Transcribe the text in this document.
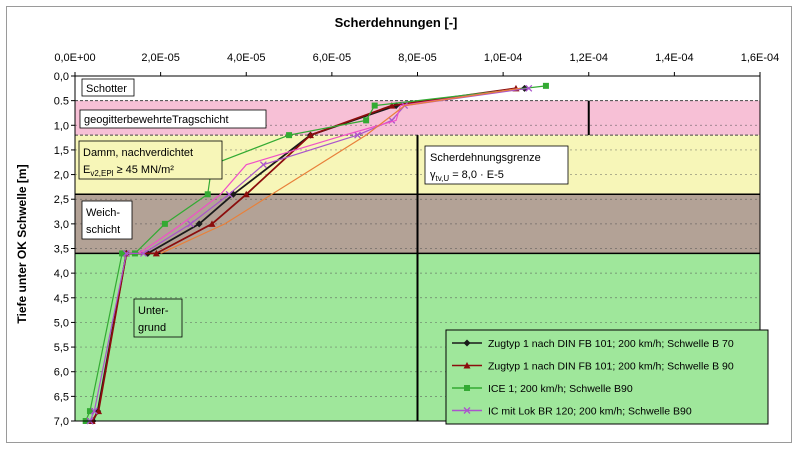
Scherdehnungen [-]
Tiefe unter OK Schwelle [m]
0,0E+00	2,0E-05	4,0E-05	6,0E-05	8,0E-05	1,0E-04	1,2E-04	1,4E-04	1,6E-04
0,0
0.5
1,0
1,5
2,0
2,5
3,0
3,5
4,0
4,5
5,0
5,5
6,0
6,5
7,0
Schotter
geogitterbewehrteTragschicht
Damm, nachverdichtet
$E_{v2,EPl} \ge 45$ MN/m²
Weich-
schicht
Unter-
grund
Scherdehnungsgrenze
$\gamma_{tv,U} = 8,0 \cdot E-5$
Zugtyp 1 nach DIN FB 101; 200 km/h; Schwelle B 70
Zugtyp 1 nach DIN FB 101; 200 km/h; Schwelle B 90
ICE 1; 200 km/h; Schwelle B90
IC mit Lok BR 120; 200 km/h; Schwelle B90
